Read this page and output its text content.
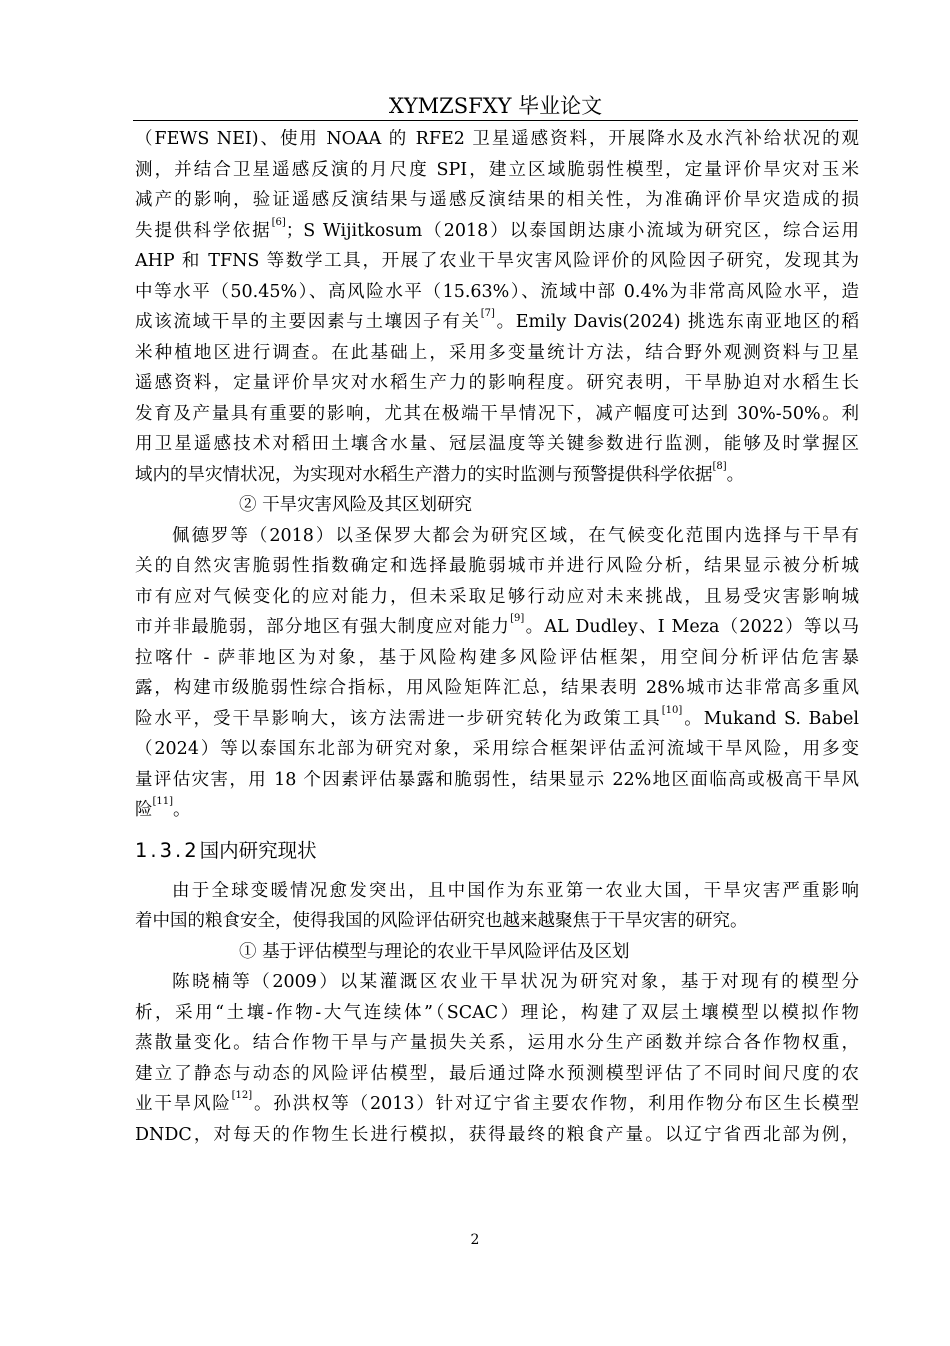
XYMZSFXY 毕业论文
（FEWS NEI)、使用 NOAA 的 RFE2 卫星遥感资料，开展降水及水汽补给状况的观
测，并结合卫星遥感反演的月尺度 SPI，建立区域脆弱性模型，定量评价旱灾对玉米
减产的影响，验证遥感反演结果与遥感反演结果的相关性，为准确评价旱灾造成的损
失提供科学依据[6]；S Wijitkosum（2018）以泰国朗达康小流域为研究区，综合运用
AHP 和 TFNS 等数学工具，开展了农业干旱灾害风险评价的风险因子研究，发现其为
中等水平（50.45%）、高风险水平（15.63%）、流域中部 0.4%为非常高风险水平，造
成该流域干旱的主要因素与土壤因子有关[7]。Emily Davis(2024) 挑选东南亚地区的稻
米种植地区进行调查。在此基础上，采用多变量统计方法，结合野外观测资料与卫星
遥感资料，定量评价旱灾对水稻生产力的影响程度。研究表明，干旱胁迫对水稻生长
发育及产量具有重要的影响，尤其在极端干旱情况下，减产幅度可达到 30%-50%。利
用卫星遥感技术对稻田土壤含水量、冠层温度等关键参数进行监测，能够及时掌握区
域内的旱灾情状况，为实现对水稻生产潜力的实时监测与预警提供科学依据[8]。
② 干旱灾害风险及其区划研究
佩德罗等（2018）以圣保罗大都会为研究区域，在气候变化范围内选择与干旱有
关的自然灾害脆弱性指数确定和选择最脆弱城市并进行风险分析，结果显示被分析城
市有应对气候变化的应对能力，但未采取足够行动应对未来挑战，且易受灾害影响城
市并非最脆弱，部分地区有强大制度应对能力[9]。AL Dudley、I Meza（2022）等以马
拉喀什 - 萨菲地区为对象，基于风险构建多风险评估框架，用空间分析评估危害暴
露，构建市级脆弱性综合指标，用风险矩阵汇总，结果表明 28%城市达非常高多重风
险水平，受干旱影响大，该方法需进一步研究转化为政策工具[10]。Mukand S. Babel
（2024）等以泰国东北部为研究对象，采用综合框架评估孟河流域干旱风险，用多变
量评估灾害，用 18 个因素评估暴露和脆弱性，结果显示 22%地区面临高或极高干旱风
险[11]。
1.3.2国内研究现状
由于全球变暖情况愈发突出，且中国作为东亚第一农业大国，干旱灾害严重影响
着中国的粮食安全，使得我国的风险评估研究也越来越聚焦于干旱灾害的研究。
① 基于评估模型与理论的农业干旱风险评估及区划
陈晓楠等（2009）以某灌溉区农业干旱状况为研究对象，基于对现有的模型分
析，采用“土壤-作物-大气连续体”（SCAC）理论，构建了双层土壤模型以模拟作物
蒸散量变化。结合作物干旱与产量损失关系，运用水分生产函数并综合各作物权重，
建立了静态与动态的风险评估模型，最后通过降水预测模型评估了不同时间尺度的农
业干旱风险[12]。孙洪权等（2013）针对辽宁省主要农作物，利用作物分布区生长模型
DNDC，对每天的作物生长进行模拟，获得最终的粮食产量。以辽宁省西北部为例，
2
